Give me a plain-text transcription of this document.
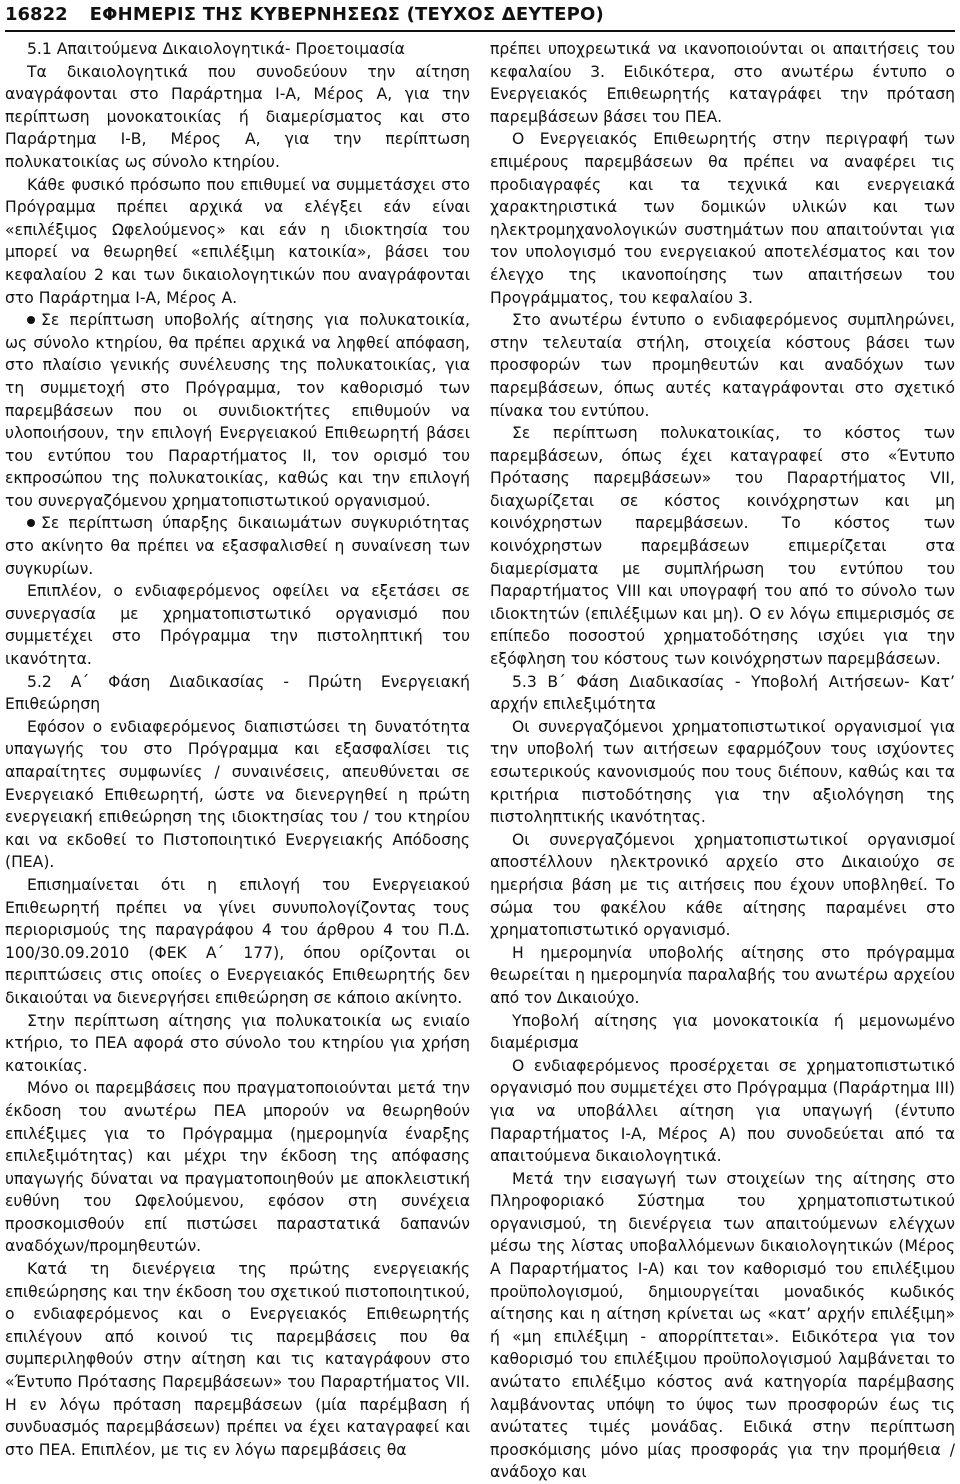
16822 ΕΦΗΜΕΡΙΣ ΤΗΣ ΚΥΒΕΡΝΗΣΕΩΣ (ΤΕΥΧΟΣ ΔΕΥΤΕΡΟ)

5.1 Απαιτούμενα Δικαιολογητικά- Προετοιμασία

Τα δικαιολογητικά που συνοδεύουν την αίτηση αναγράφονται στο Παράρτημα Ι-Α, Μέρος Α, για την περίπτωση μονοκατοικίας ή διαμερίσματος και στο Παράρτημα Ι-Β, Μέρος Α, για την περίπτωση πολυκατοικίας ως σύνολο κτηρίου.

Κάθε φυσικό πρόσωπο που επιθυμεί να συμμετάσχει στο Πρόγραμμα πρέπει αρχικά να ελέγξει εάν είναι «επιλέξιμος Ωφελούμενος» και εάν η ιδιοκτησία του μπορεί να θεωρηθεί «επιλέξιμη κατοικία», βάσει του κεφαλαίου 2 και των δικαιολογητικών που αναγράφονται στο Παράρτημα Ι-Α, Μέρος Α.

Σε περίπτωση υποβολής αίτησης για πολυκατοικία, ως σύνολο κτηρίου, θα πρέπει αρχικά να ληφθεί απόφαση, στο πλαίσιο γενικής συνέλευσης της πολυκατοικίας, για τη συμμετοχή στο Πρόγραμμα, τον καθορισμό των παρεμβάσεων που οι συνιδιοκτήτες επιθυμούν να υλοποιήσουν, την επιλογή Ενεργειακού Επιθεωρητή βάσει του εντύπου του Παραρτήματος ΙΙ, τον ορισμό του εκπροσώπου της πολυκατοικίας, καθώς και την επιλογή του συνεργαζόμενου χρηματοπιστωτικού οργανισμού.

Σε περίπτωση ύπαρξης δικαιωμάτων συγκυριότητας στο ακίνητο θα πρέπει να εξασφαλισθεί η συναίνεση των συγκυρίων.

Επιπλέον, ο ενδιαφερόμενος οφείλει να εξετάσει σε συνεργασία με χρηματοπιστωτικό οργανισμό που συμμετέχει στο Πρόγραμμα την πιστοληπτική του ικανότητα.

5.2 Α΄ Φάση Διαδικασίας - Πρώτη Ενεργειακή Επιθεώρηση

Εφόσον ο ενδιαφερόμενος διαπιστώσει τη δυνατότητα υπαγωγής του στο Πρόγραμμα και εξασφαλίσει τις απαραίτητες συμφωνίες / συναινέσεις, απευθύνεται σε Ενεργειακό Επιθεωρητή, ώστε να διενεργηθεί η πρώτη ενεργειακή επιθεώρηση της ιδιοκτησίας του / του κτηρίου και να εκδοθεί το Πιστοποιητικό Ενεργειακής Απόδοσης (ΠΕΑ).

Επισημαίνεται ότι η επιλογή του Ενεργειακού Επιθεωρητή πρέπει να γίνει συνυπολογίζοντας τους περιορισμούς της παραγράφου 4 του άρθρου 4 του Π.Δ. 100/30.09.2010 (ΦΕΚ Α΄ 177), όπου ορίζονται οι περιπτώσεις στις οποίες ο Ενεργειακός Επιθεωρητής δεν δικαιούται να διενεργήσει επιθεώρηση σε κάποιο ακίνητο.

Στην περίπτωση αίτησης για πολυκατοικία ως ενιαίο κτήριο, το ΠΕΑ αφορά στο σύνολο του κτηρίου για χρήση κατοικίας.

Μόνο οι παρεμβάσεις που πραγματοποιούνται μετά την έκδοση του ανωτέρω ΠΕΑ μπορούν να θεωρηθούν επιλέξιμες για το Πρόγραμμα (ημερομηνία έναρξης επιλεξιμότητας) και μέχρι την έκδοση της απόφασης υπαγωγής δύναται να πραγματοποιηθούν με αποκλειστική ευθύνη του Ωφελούμενου, εφόσον στη συνέχεια προσκομισθούν επί πιστώσει παραστατικά δαπανών αναδόχων/προμηθευτών.

Κατά τη διενέργεια της πρώτης ενεργειακής επιθεώρησης και την έκδοση του σχετικού πιστοποιητικού, ο ενδιαφερόμενος και ο Ενεργειακός Επιθεωρητής επιλέγουν από κοινού τις παρεμβάσεις που θα συμπεριληφθούν στην αίτηση και τις καταγράφουν στο «Έντυπο Πρότασης Παρεμβάσεων» του Παραρτήματος VII. Η εν λόγω πρόταση παρεμβάσεων (μία παρέμβαση ή συνδυασμός παρεμβάσεων) πρέπει να έχει καταγραφεί και στο ΠΕΑ. Επιπλέον, με τις εν λόγω παρεμβάσεις θα

πρέπει υποχρεωτικά να ικανοποιούνται οι απαιτήσεις του κεφαλαίου 3. Ειδικότερα, στο ανωτέρω έντυπο ο Ενεργειακός Επιθεωρητής καταγράφει την πρόταση παρεμβάσεων βάσει του ΠΕΑ.

Ο Ενεργειακός Επιθεωρητής στην περιγραφή των επιμέρους παρεμβάσεων θα πρέπει να αναφέρει τις προδιαγραφές και τα τεχνικά και ενεργειακά χαρακτηριστικά των δομικών υλικών και των ηλεκτρομηχανολογικών συστημάτων που απαιτούνται για τον υπολογισμό του ενεργειακού αποτελέσματος και τον έλεγχο της ικανοποίησης των απαιτήσεων του Προγράμματος, του κεφαλαίου 3.

Στο ανωτέρω έντυπο ο ενδιαφερόμενος συμπληρώνει, στην τελευταία στήλη, στοιχεία κόστους βάσει των προσφορών των προμηθευτών και αναδόχων των παρεμβάσεων, όπως αυτές καταγράφονται στο σχετικό πίνακα του εντύπου.

Σε περίπτωση πολυκατοικίας, το κόστος των παρεμβάσεων, όπως έχει καταγραφεί στο «Έντυπο Πρότασης παρεμβάσεων» του Παραρτήματος VII, διαχωρίζεται σε κόστος κοινόχρηστων και μη κοινόχρηστων παρεμβάσεων. Το κόστος των κοινόχρηστων παρεμβάσεων επιμερίζεται στα διαμερίσματα με συμπλήρωση του εντύπου του Παραρτήματος VIII και υπογραφή του από το σύνολο των ιδιοκτητών (επιλέξιμων και μη). Ο εν λόγω επιμερισμός σε επίπεδο ποσοστού χρηματοδότησης ισχύει για την εξόφληση του κόστους των κοινόχρηστων παρεμβάσεων.

5.3 Β΄ Φάση Διαδικασίας - Υποβολή Αιτήσεων- Κατ’ αρχήν επιλεξιμότητα

Οι συνεργαζόμενοι χρηματοπιστωτικοί οργανισμοί για την υποβολή των αιτήσεων εφαρμόζουν τους ισχύοντες εσωτερικούς κανονισμούς που τους διέπουν, καθώς και τα κριτήρια πιστοδότησης για την αξιολόγηση της πιστοληπτικής ικανότητας.

Οι συνεργαζόμενοι χρηματοπιστωτικοί οργανισμοί αποστέλλουν ηλεκτρονικό αρχείο στο Δικαιούχο σε ημερήσια βάση με τις αιτήσεις που έχουν υποβληθεί. Το σώμα του φακέλου κάθε αίτησης παραμένει στο χρηματοπιστωτικό οργανισμό.

Η ημερομηνία υποβολής αίτησης στο πρόγραμμα θεωρείται η ημερομηνία παραλαβής του ανωτέρω αρχείου από τον Δικαιούχο.

Υποβολή αίτησης για μονοκατοικία ή μεμονωμένο διαμέρισμα

Ο ενδιαφερόμενος προσέρχεται σε χρηματοπιστωτικό οργανισμό που συμμετέχει στο Πρόγραμμα (Παράρτημα ΙΙΙ) για να υποβάλλει αίτηση για υπαγωγή (έντυπο Παραρτήματος Ι-Α, Μέρος Α) που συνοδεύεται από τα απαιτούμενα δικαιολογητικά.

Μετά την εισαγωγή των στοιχείων της αίτησης στο Πληροφοριακό Σύστημα του χρηματοπιστωτικού οργανισμού, τη διενέργεια των απαιτούμενων ελέγχων μέσω της λίστας υποβαλλόμενων δικαιολογητικών (Μέρος Α Παραρτήματος Ι-Α) και τον καθορισμό του επιλέξιμου προϋπολογισμού, δημιουργείται μοναδικός κωδικός αίτησης και η αίτηση κρίνεται ως «κατ’ αρχήν επιλέξιμη» ή «μη επιλέξιμη - απορρίπτεται». Ειδικότερα για τον καθορισμό του επιλέξιμου προϋπολογισμού λαμβάνεται το ανώτατο επιλέξιμο κόστος ανά κατηγορία παρέμβασης λαμβάνοντας υπόψη το ύψος των προσφορών έως τις ανώτατες τιμές μονάδας. Ειδικά στην περίπτωση προσκόμισης μόνο μίας προσφοράς για την προμήθεια / ανάδοχο και
